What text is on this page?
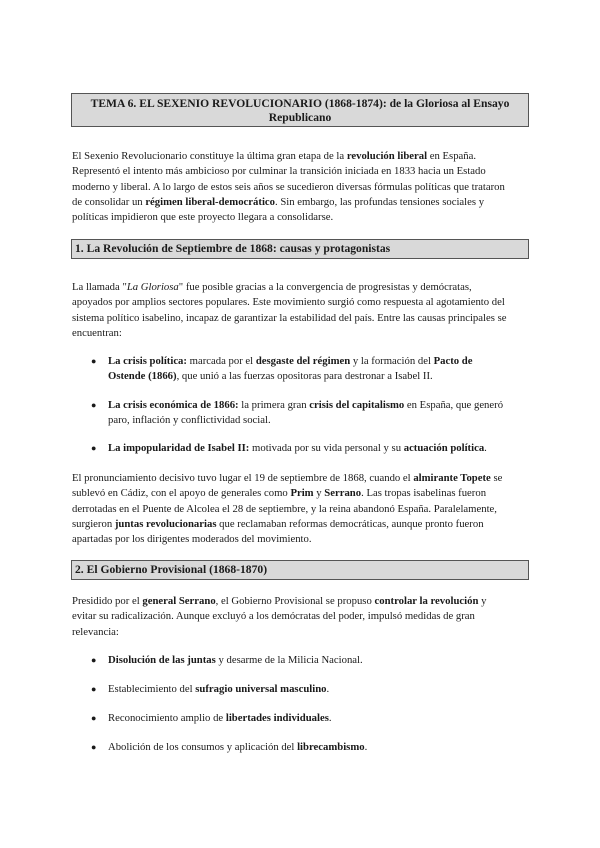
TEMA 6. EL SEXENIO REVOLUCIONARIO (1868-1874): de la Gloriosa al Ensayo
Republicano
El Sexenio Revolucionario constituye la última gran etapa de la revolución liberal en España.
Representó el intento más ambicioso por culminar la transición iniciada en 1833 hacia un Estado
moderno y liberal. A lo largo de estos seis años se sucedieron diversas fórmulas políticas que trataron
de consolidar un régimen liberal-democrático. Sin embargo, las profundas tensiones sociales y
políticas impidieron que este proyecto llegara a consolidarse.
1. La Revolución de Septiembre de 1868: causas y protagonistas
La llamada "La Gloriosa" fue posible gracias a la convergencia de progresistas y demócratas,
apoyados por amplios sectores populares. Este movimiento surgió como respuesta al agotamiento del
sistema político isabelino, incapaz de garantizar la estabilidad del país. Entre las causas principales se
encuentran:
● La crisis política: marcada por el desgaste del régimen y la formación del Pacto de
Ostende (1866), que unió a las fuerzas opositoras para destronar a Isabel II.
● La crisis económica de 1866: la primera gran crisis del capitalismo en España, que generó
paro, inflación y conflictividad social.
● La impopularidad de Isabel II: motivada por su vida personal y su actuación política.
El pronunciamiento decisivo tuvo lugar el 19 de septiembre de 1868, cuando el almirante Topete se
sublevó en Cádiz, con el apoyo de generales como Prim y Serrano. Las tropas isabelinas fueron
derrotadas en el Puente de Alcolea el 28 de septiembre, y la reina abandonó España. Paralelamente,
surgieron juntas revolucionarias que reclamaban reformas democráticas, aunque pronto fueron
apartadas por los dirigentes moderados del movimiento.
2. El Gobierno Provisional (1868-1870)
Presidido por el general Serrano, el Gobierno Provisional se propuso controlar la revolución y
evitar su radicalización. Aunque excluyó a los demócratas del poder, impulsó medidas de gran
relevancia:
● Disolución de las juntas y desarme de la Milicia Nacional.
● Establecimiento del sufragio universal masculino.
● Reconocimiento amplio de libertades individuales.
● Abolición de los consumos y aplicación del librecambismo.
